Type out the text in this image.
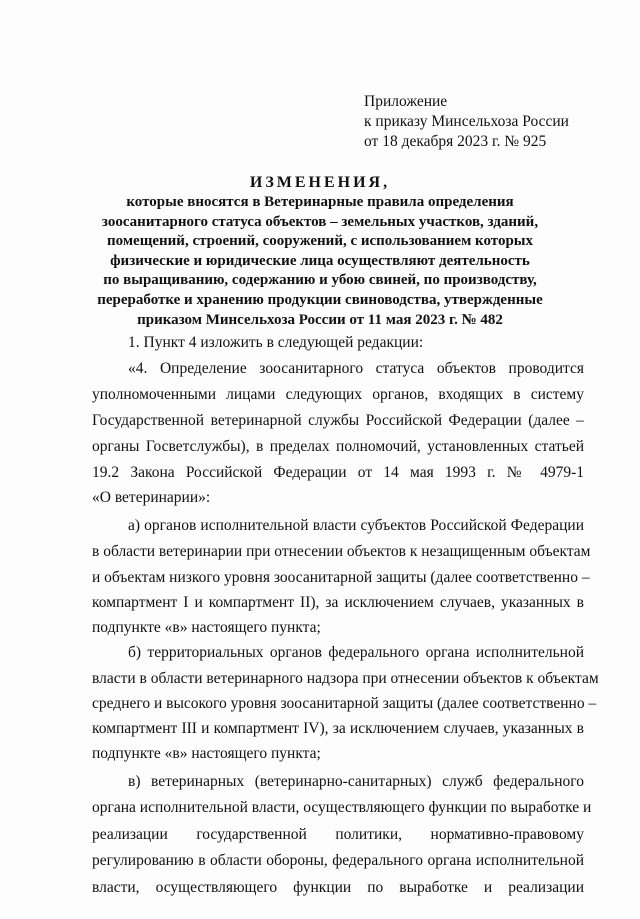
Приложение
к приказу Минсельхоза России
от 18 декабря 2023 г. № 925
ИЗМЕНЕНИЯ,
которые вносятся в Ветеринарные правила определения
зоосанитарного статуса объектов – земельных участков, зданий,
помещений, строений, сооружений, с использованием которых
физические и юридические лица осуществляют деятельность
по выращиванию, содержанию и убою свиней, по производству,
переработке и хранению продукции свиноводства, утвержденные
приказом Минсельхоза России от 11 мая 2023 г. № 482
1. Пункт 4 изложить в следующей редакции:
«4. Определение зоосанитарного статуса объектов проводится
уполномоченными лицами следующих органов, входящих в систему
Государственной ветеринарной службы Российской Федерации (далее –
органы Госветслужбы), в пределах полномочий, установленных статьей
19.2 Закона Российской Федерации от 14 мая 1993 г. № 4979-1
«О ветеринарии»:
а) органов исполнительной власти субъектов Российской Федерации
в области ветеринарии при отнесении объектов к незащищенным объектам
и объектам низкого уровня зоосанитарной защиты (далее соответственно –
компартмент I и компартмент II), за исключением случаев, указанных в
подпункте «в» настоящего пункта;
б) территориальных органов федерального органа исполнительной
власти в области ветеринарного надзора при отнесении объектов к объектам
среднего и высокого уровня зоосанитарной защиты (далее соответственно –
компартмент III и компартмент IV), за исключением случаев, указанных в
подпункте «в» настоящего пункта;
в) ветеринарных (ветеринарно-санитарных) служб федерального
органа исполнительной власти, осуществляющего функции по выработке и
реализации государственной политики, нормативно-правовому
регулированию в области обороны, федерального органа исполнительной
власти, осуществляющего функции по выработке и реализации
